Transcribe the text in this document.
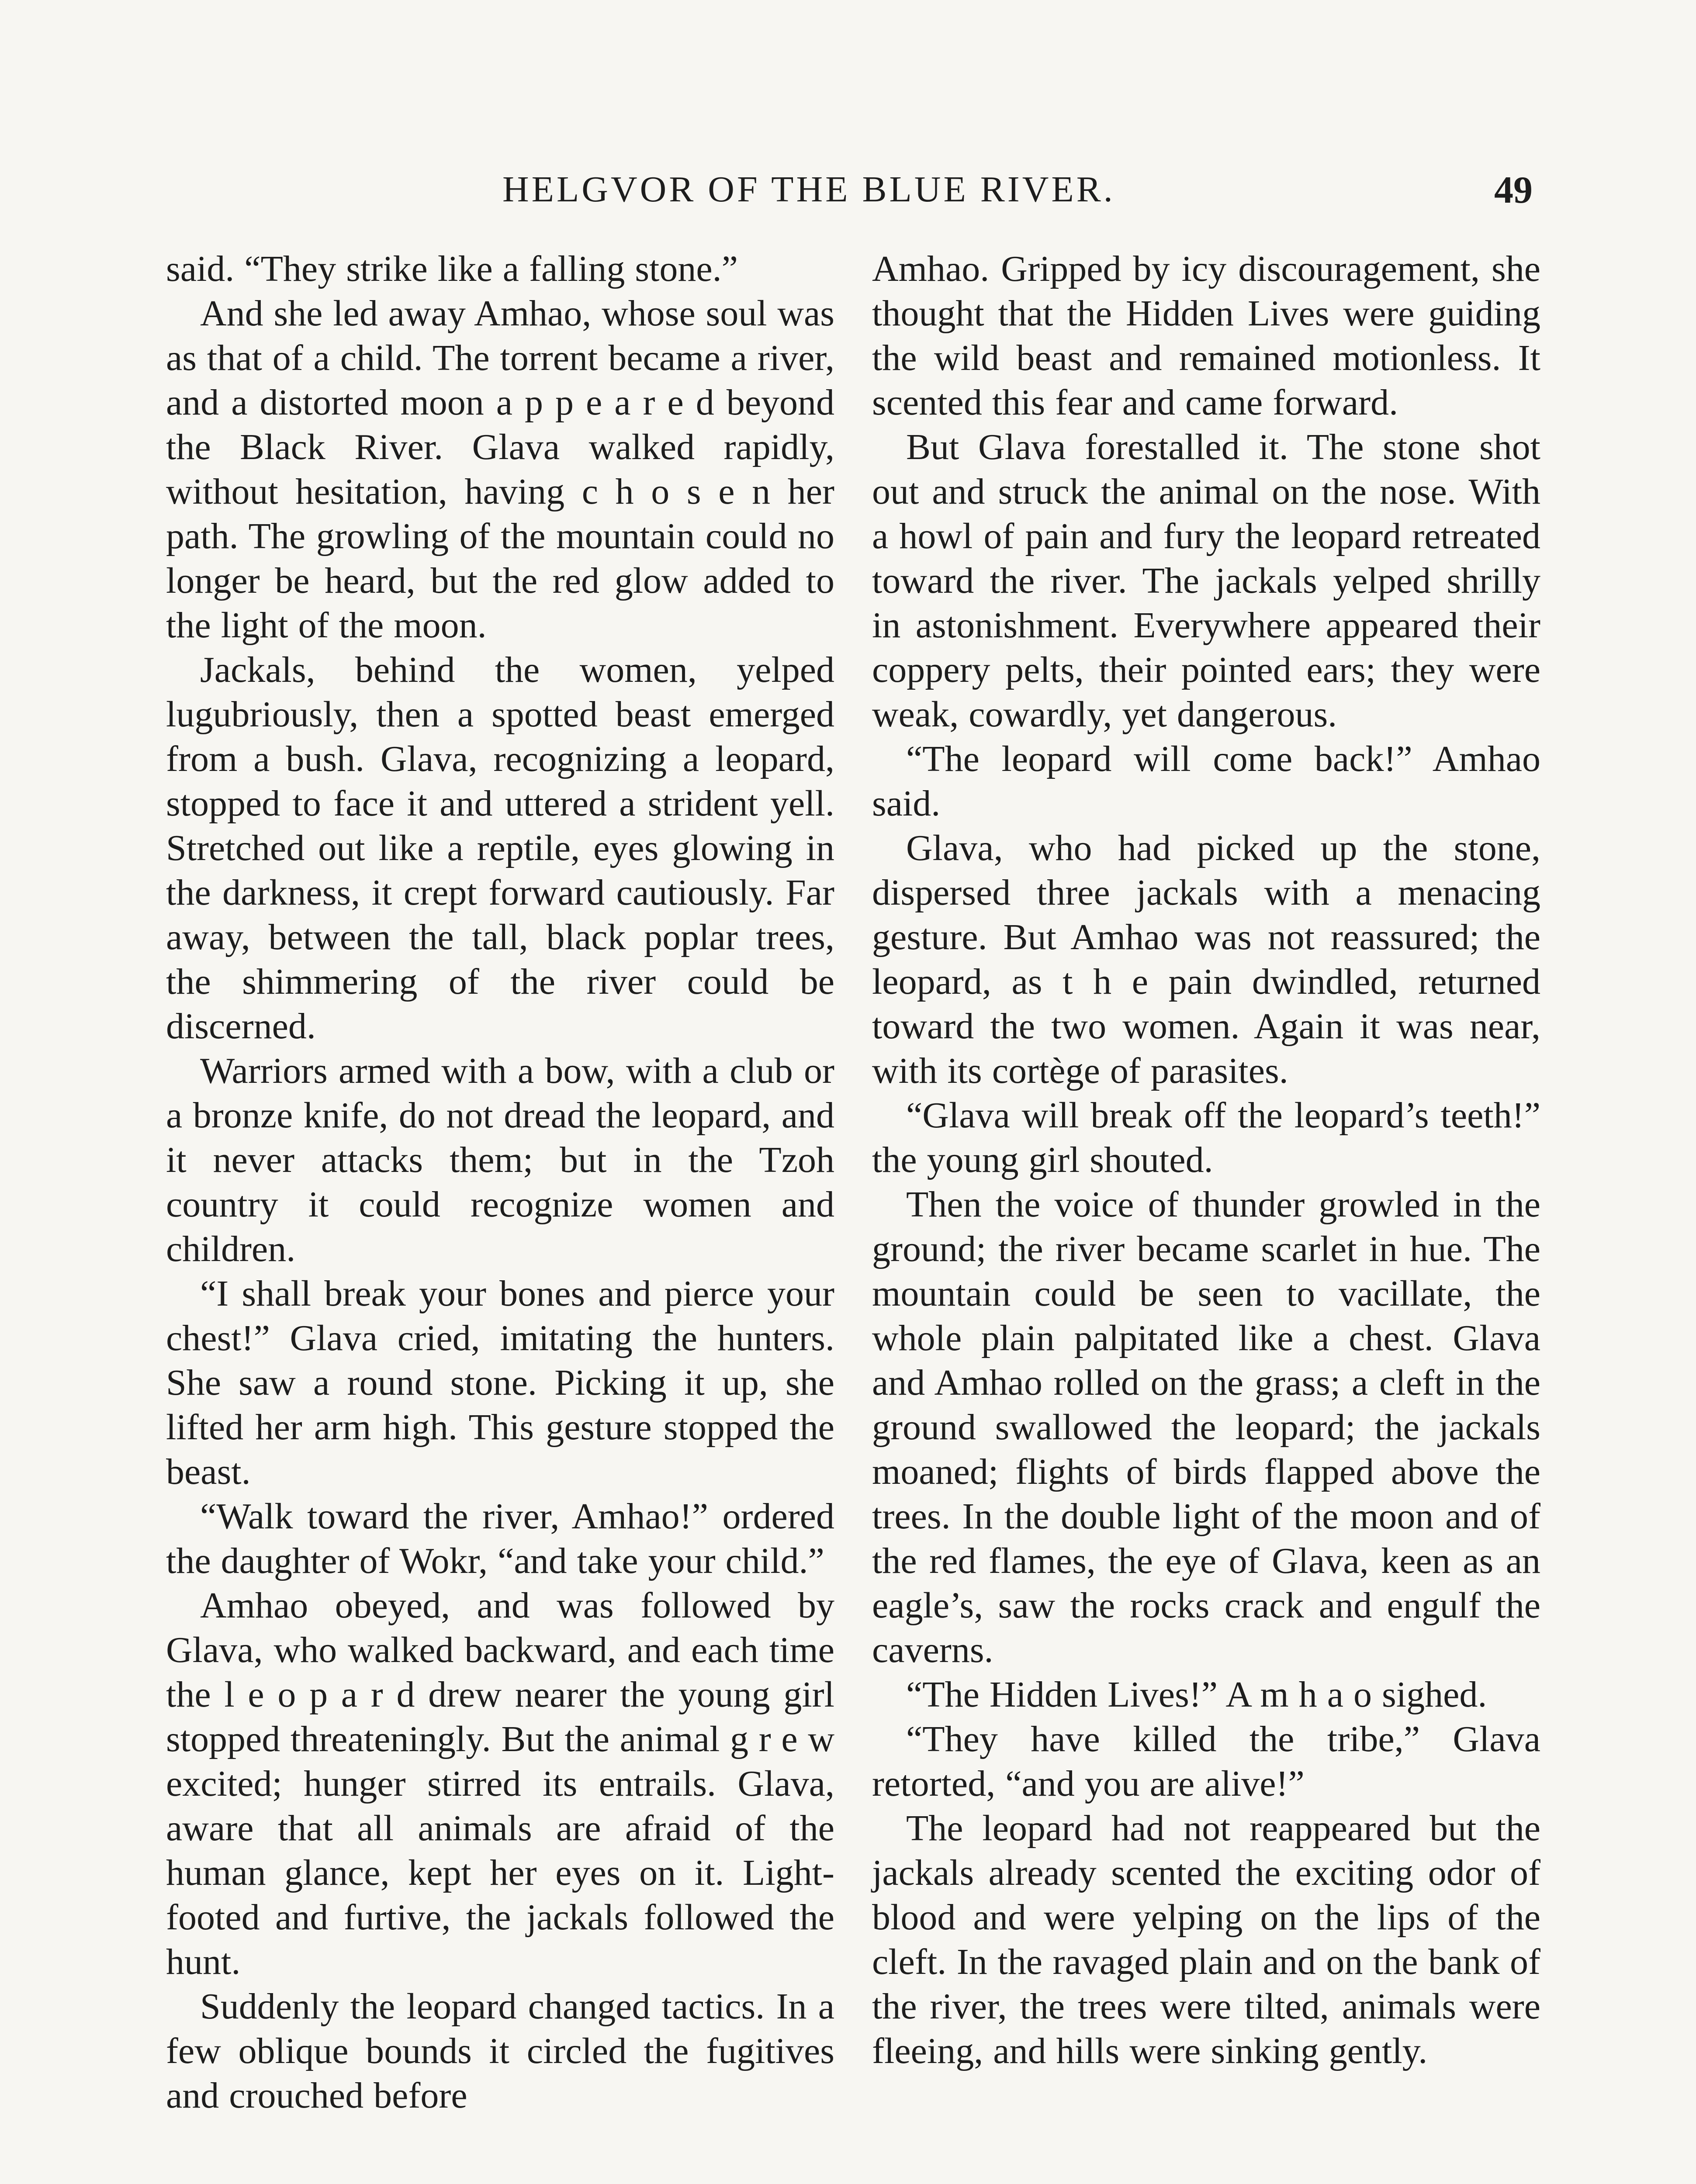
HELGVOR OF THE BLUE RIVER.	49

said. “They strike like a falling stone.”

And she led away Amhao, whose soul was as that of a child. The torrent became a river, and a distorted moon a p p e a r e d beyond the Black River. Glava walked rapidly, without hesitation, having c h o s e n her path. The growling of the mountain could no longer be heard, but the red glow added to the light of the moon.

Jackals, behind the women, yelped lugubriously, then a spotted beast emerged from a bush. Glava, recognizing a leopard, stopped to face it and uttered a strident yell. Stretched out like a reptile, eyes glowing in the darkness, it crept forward cautiously. Far away, between the tall, black poplar trees, the shimmering of the river could be discerned.

Warriors armed with a bow, with a club or a bronze knife, do not dread the leopard, and it never attacks them; but in the Tzoh country it could recognize women and children.

“I shall break your bones and pierce your chest!” Glava cried, imitating the hunters. She saw a round stone. Picking it up, she lifted her arm high. This gesture stopped the beast.

“Walk toward the river, Amhao!” ordered the daughter of Wokr, “and take your child.”

Amhao obeyed, and was followed by Glava, who walked backward, and each time the l e o p a r d drew nearer the young girl stopped threateningly. But the animal g r e w excited; hunger stirred its entrails. Glava, aware that all animals are afraid of the human glance, kept her eyes on it. Light-footed and furtive, the jackals followed the hunt.

Suddenly the leopard changed tactics. In a few oblique bounds it circled the fugitives and crouched before

Amhao. Gripped by icy discouragement, she thought that the Hidden Lives were guiding the wild beast and remained motionless. It scented this fear and came forward.

But Glava forestalled it. The stone shot out and struck the animal on the nose. With a howl of pain and fury the leopard retreated toward the river. The jackals yelped shrilly in astonishment. Everywhere appeared their coppery pelts, their pointed ears; they were weak, cowardly, yet dangerous.

“The leopard will come back!” Amhao said.

Glava, who had picked up the stone, dispersed three jackals with a menacing gesture. But Amhao was not reassured; the leopard, as t h e pain dwindled, returned toward the two women. Again it was near, with its cortège of parasites.

“Glava will break off the leopard’s teeth!” the young girl shouted.

Then the voice of thunder growled in the ground; the river became scarlet in hue. The mountain could be seen to vacillate, the whole plain palpitated like a chest. Glava and Amhao rolled on the grass; a cleft in the ground swallowed the leopard; the jackals moaned; flights of birds flapped above the trees. In the double light of the moon and of the red flames, the eye of Glava, keen as an eagle’s, saw the rocks crack and engulf the caverns.

“The Hidden Lives!” A m h a o sighed.

“They have killed the tribe,” Glava retorted, “and you are alive!”

The leopard had not reappeared but the jackals already scented the exciting odor of blood and were yelping on the lips of the cleft. In the ravaged plain and on the bank of the river, the trees were tilted, animals were fleeing, and hills were sinking gently.
